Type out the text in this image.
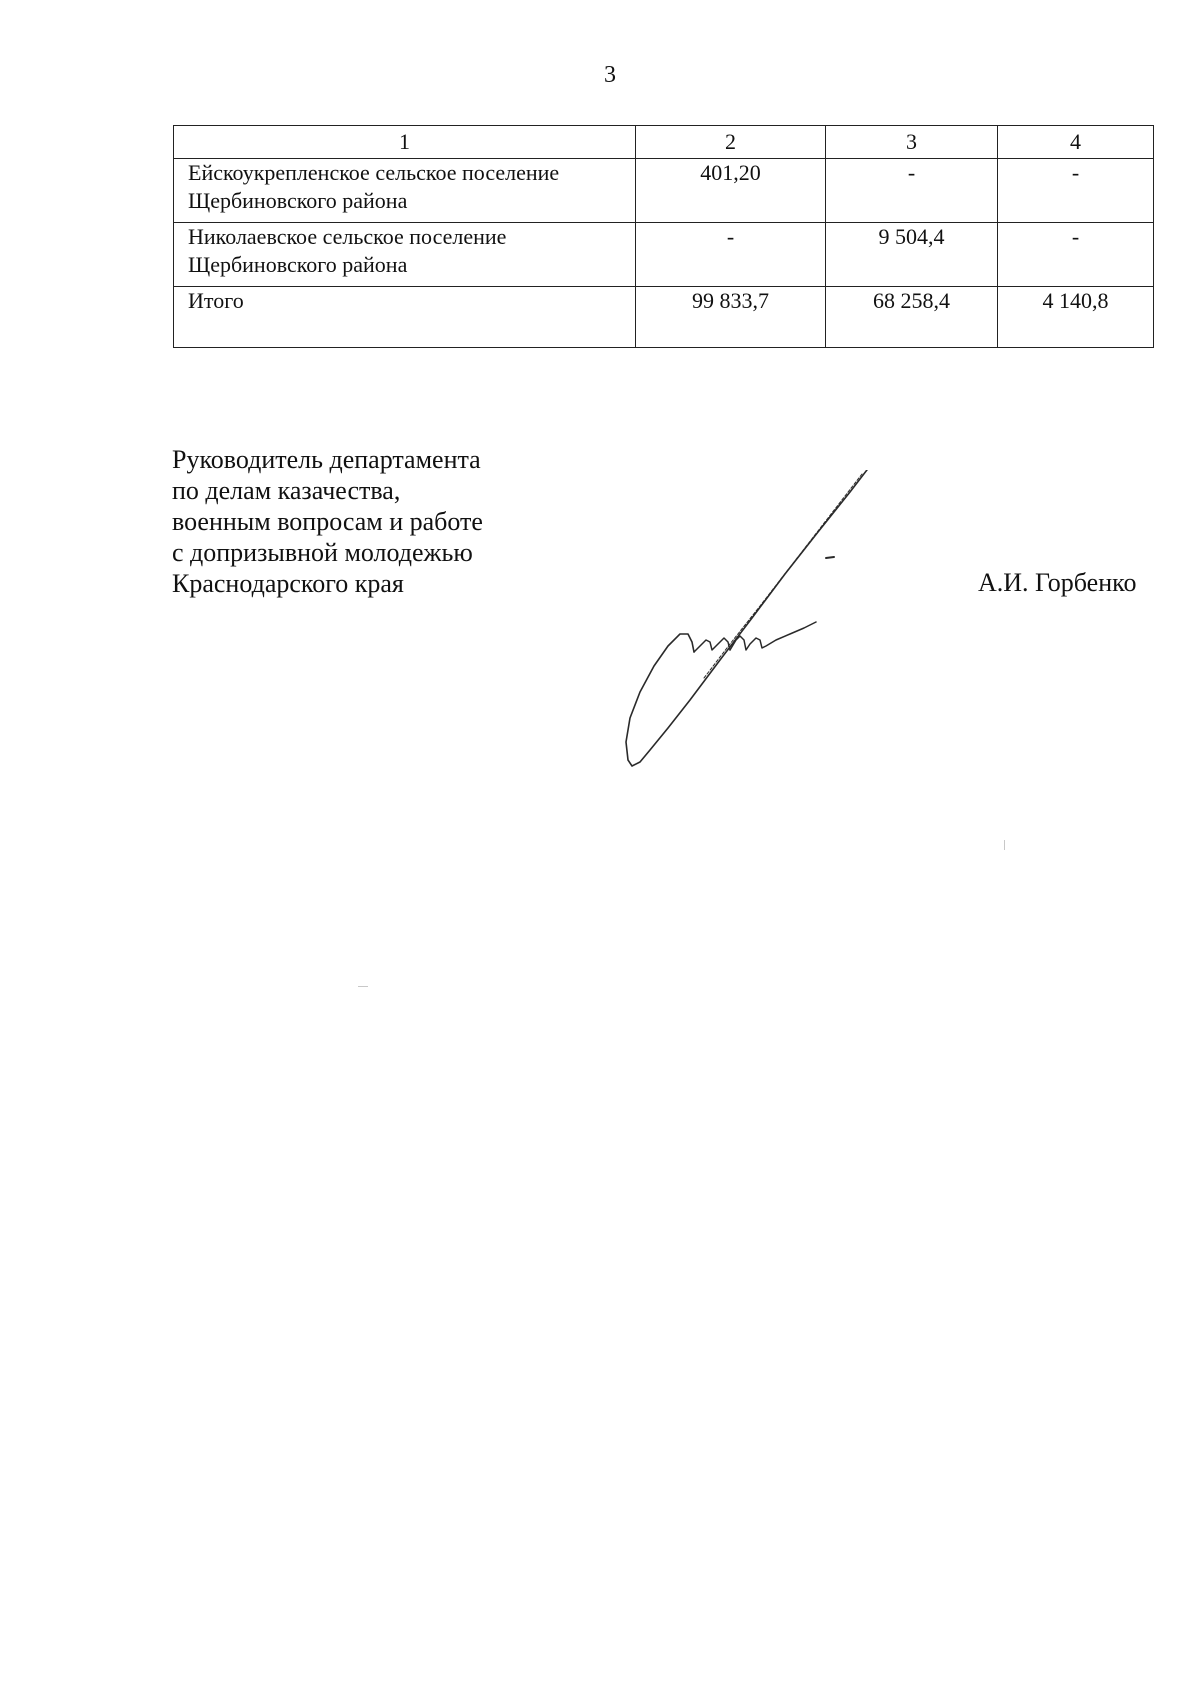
3
1	2	3	4

Ейскоукрепленское сельское поселение
Щербиновского района	401,20	-	-

Николаевское сельское поселение
Щербиновского района	-	9 504,4	-
Итого	99 833,7	68 258,4	4 140,8
Руководитель департамента
по делам казачества,
военным вопросам и работе
с допризывной молодежью
Краснодарского края	А.И. Горбенко
